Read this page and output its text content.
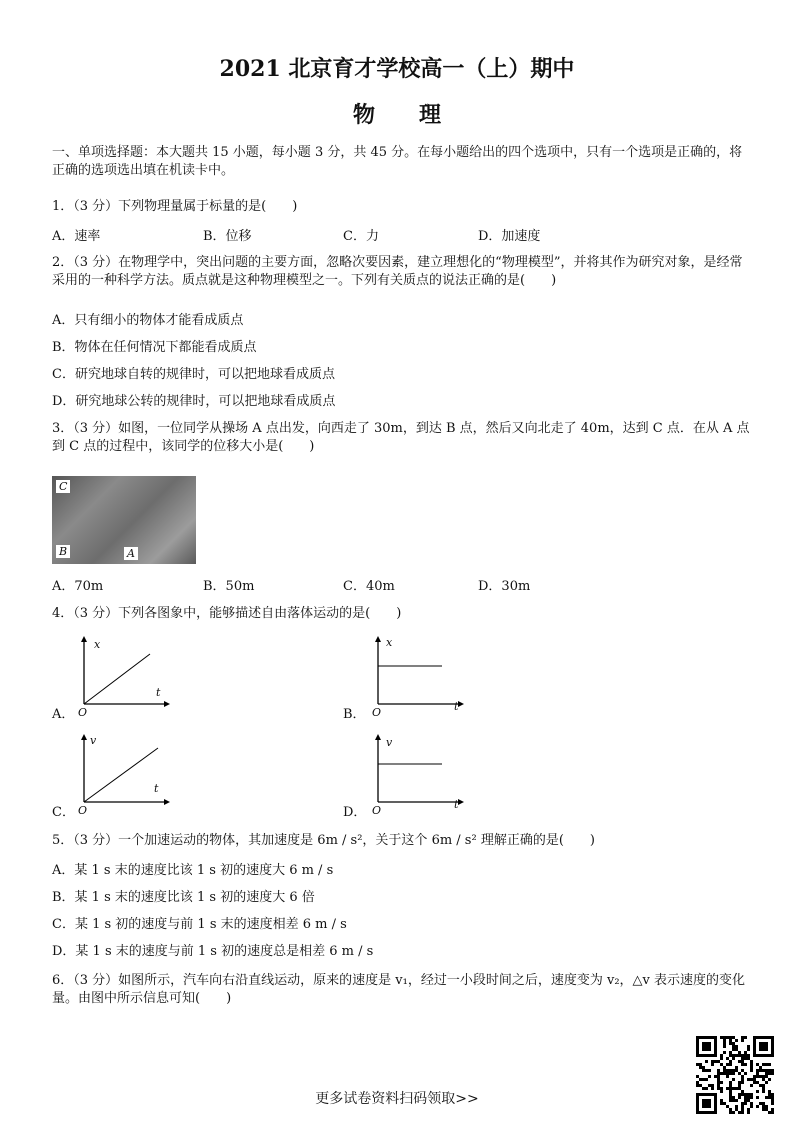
2021 北京育才学校高一（上）期中
物　　理
一、单项选择题：本大题共 15 小题，每小题 3 分，共 45 分。在每小题给出的四个选项中，只有一个选项是正确的，将正确的选项选出填在机读卡中。
1．（3 分）下列物理量属于标量的是(　　)
A．速率	B．位移	C．力	D．加速度
2．（3 分）在物理学中，突出问题的主要方面，忽略次要因素，建立理想化的“物理模型”，并将其作为研究对象，是经常采用的一种科学方法。质点就是这种物理模型之一。下列有关质点的说法正确的是(　　)
A．只有细小的物体才能看成质点
B．物体在任何情况下都能看成质点
C．研究地球自转的规律时，可以把地球看成质点
D．研究地球公转的规律时，可以把地球看成质点
3．（3 分）如图，一位同学从操场 A 点出发，向西走了 30m，到达 B 点，然后又向北走了 40m，达到 C 点．在从 A 点到 C 点的过程中，该同学的位移大小是(　　)
C
B	A
A．70m	B．50m	C．40m	D．30m
4．（3 分）下列各图象中，能够描述自由落体运动的是(　　)
A．
x
t
O	B．
x
t
O
C．
v
t
O	D．
v
t
O
5．（3 分）一个加速运动的物体，其加速度是 6m / s²，关于这个 6m / s² 理解正确的是(　　)
A．某 1 s 末的速度比该 1 s 初的速度大 6 m / s
B．某 1 s 末的速度比该 1 s 初的速度大 6 倍
C．某 1 s 初的速度与前 1 s 末的速度相差 6 m / s
D．某 1 s 末的速度与前 1 s 初的速度总是相差 6 m / s
6．（3 分）如图所示，汽车向右沿直线运动，原来的速度是 v₁，经过一小段时间之后，速度变为 v₂，△v 表示速度的变化量。由图中所示信息可知(　　)
更多试卷资料扫码领取>>
